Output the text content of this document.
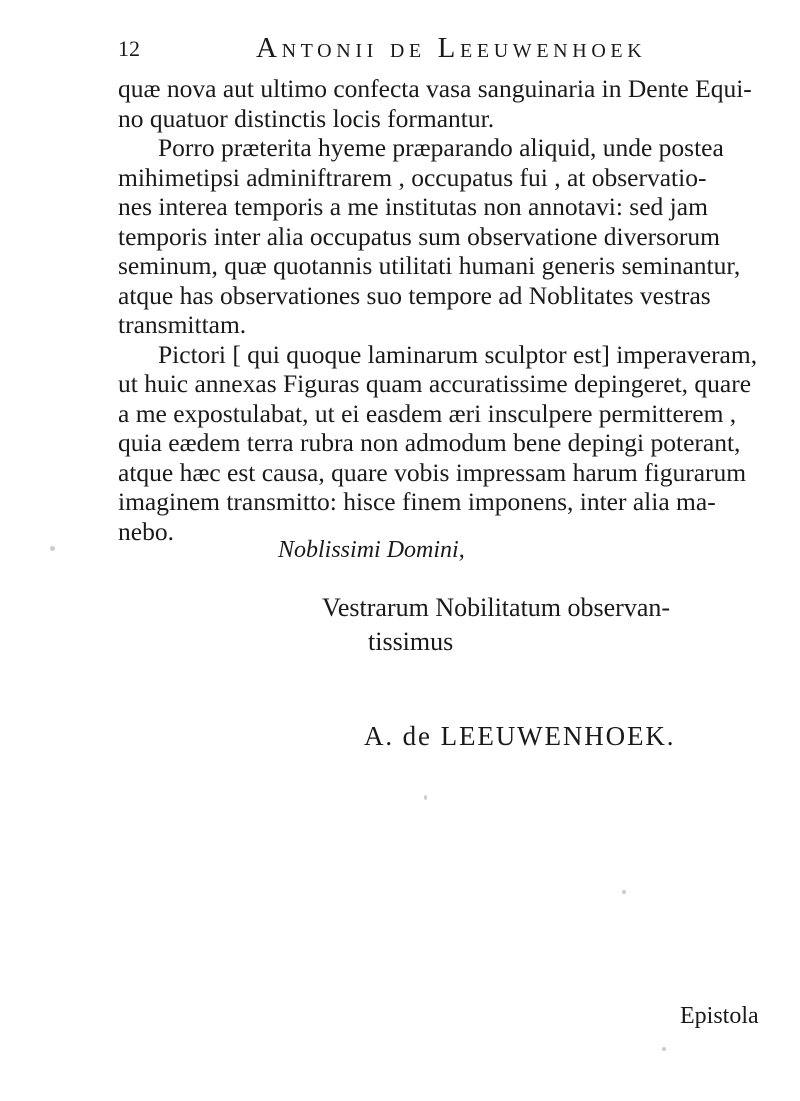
12	Antonii de Leeuwenhoek

quæ nova aut ultimo confecta vasa sanguinaria in Dente Equi-
no quatuor distinctis locis formantur.

Porro præterita hyeme præparando aliquid, unde postea
mihimetipsi adminiftrarem , occupatus fui , at observatio-
nes interea temporis a me institutas non annotavi: sed jam
temporis inter alia occupatus sum observatione diversorum
seminum, quæ quotannis utilitati humani generis seminantur,
atque has observationes suo tempore ad Noblitates vestras
transmittam.

Pictori [ qui quoque laminarum sculptor est] imperaveram,
ut huic annexas Figuras quam accuratissime depingeret, quare
a me expostulabat, ut ei easdem æri insculpere permitterem ,
quia eædem terra rubra non admodum bene depingi poterant,
atque hæc est causa, quare vobis impressam harum figurarum
imaginem transmitto: hisce finem imponens, inter alia ma-
nebo.

Noblissimi Domini,
Vestrarum Nobilitatum observan-
tissimus
A. de LEEUWENHOEK.
Epistola
